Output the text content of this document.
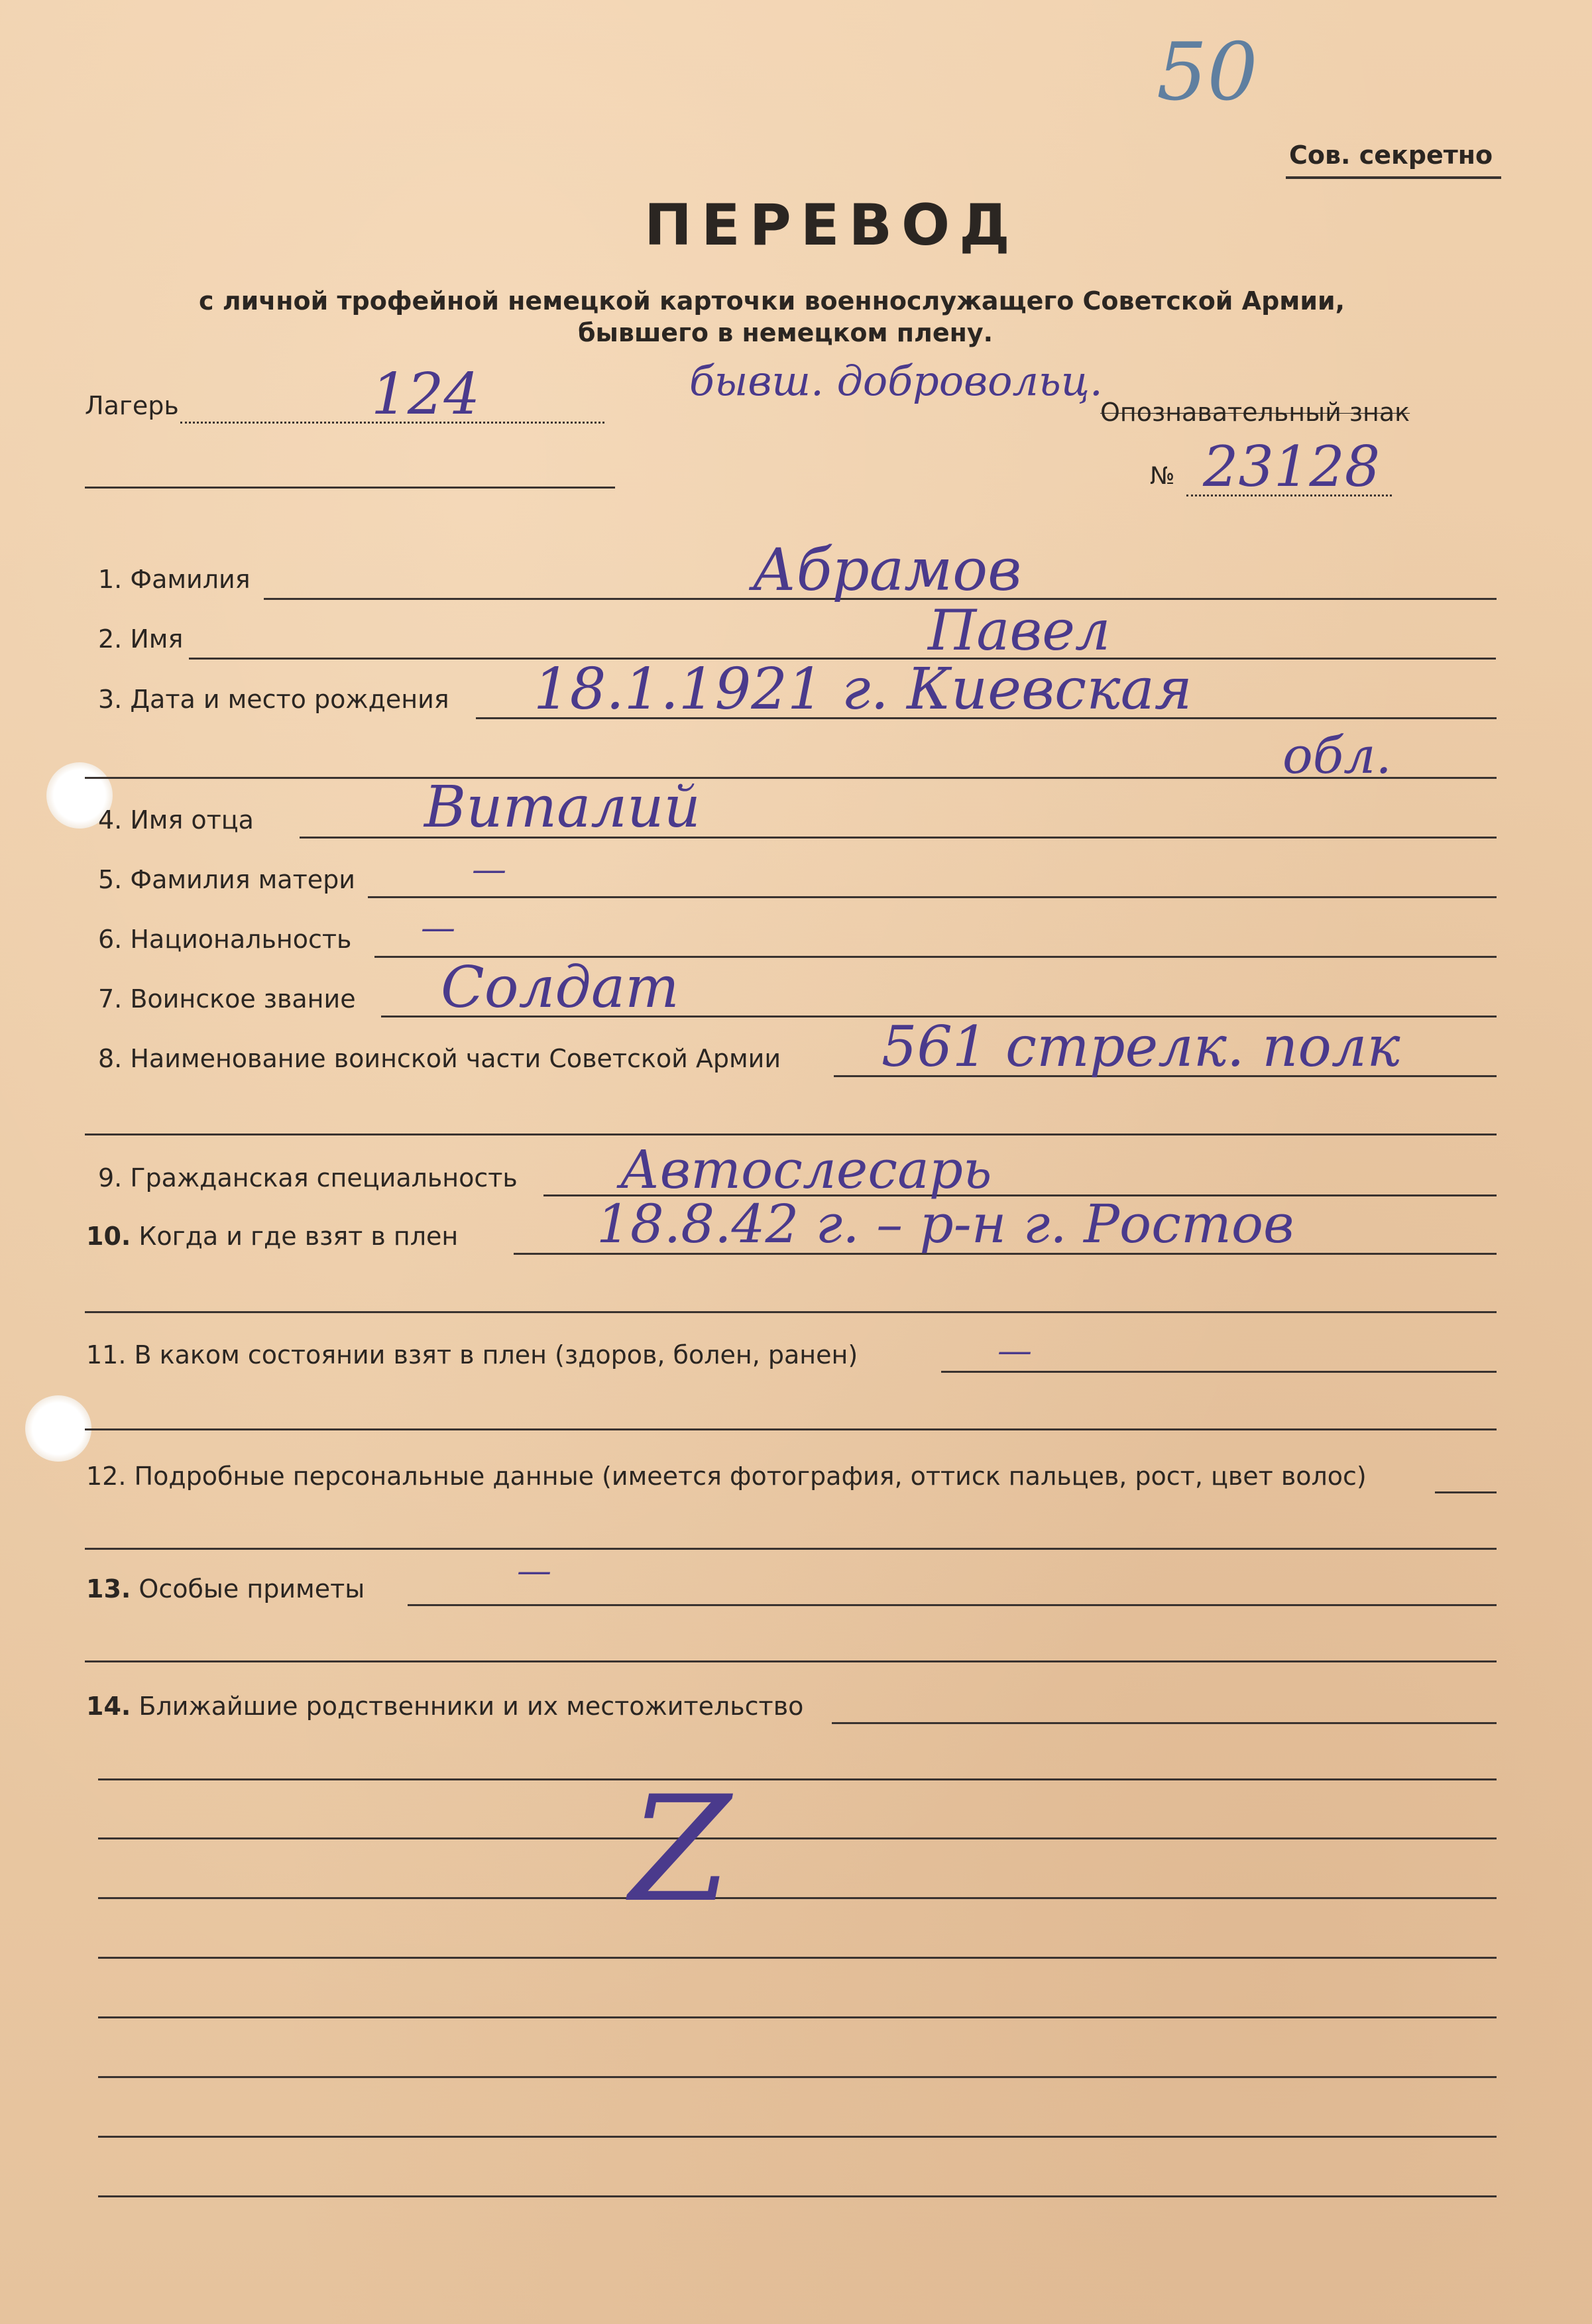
50
Сов. секретно
ПЕРЕВОД
с личной трофейной немецкой карточки военнослужащего Советской Армии,
бывшего в немецком плену.
Лагерь	124	бывш. добровольц.
Опознавательный знак
№ 23128
1. Фамилия	Абрамов
2. Имя	Павел
3. Дата и место рождения 18.1.1921 г. Киевская
обл.
4. Имя отца	Виталий
5. Фамилия матери	—
6. Национальность —
7. Воинское звание Солдат
8. Наименование воинской части Советской Армии 561 стрелк. полк
9. Гражданская специальность Автослесарь
10. Когда и где взят в плен	18.8.42 г. – р-н г. Ростов
11. В каком состоянии взят в плен (здоров, болен, ранен)	—
12. Подробные персональные данные (имеется фотография, оттиск пальцев, рост, цвет волос)
13. Особые приметы	—
14. Ближайшие родственники и их местожительство
Z
